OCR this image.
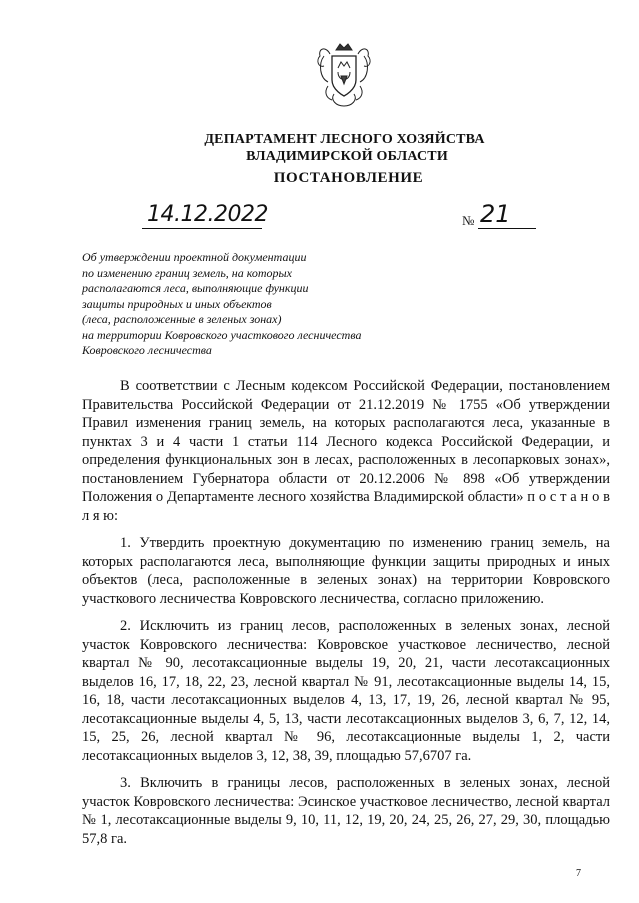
ДЕПАРТАМЕНТ ЛЕСНОГО ХОЗЯЙСТВА
ВЛАДИМИРСКОЙ ОБЛАСТИ
ПОСТАНОВЛЕНИЕ
14.12.2022	№ 21
Об утверждении проектной документации
по изменению границ земель, на которых
располагаются леса, выполняющие функции
защиты природных и иных объектов
(леса, расположенные в зеленых зонах)
на территории Ковровского участкового лесничества
Ковровского лесничества

В соответствии с Лесным кодексом Российской Федерации, постановлением Правительства Российской Федерации от 21.12.2019 № 1755 «Об утверждении Правил изменения границ земель, на которых располагаются леса, указанные в пунктах 3 и 4 части 1 статьи 114 Лесного кодекса Российской Федерации, и определения функциональных зон в лесах, расположенных в лесопарковых зонах», постановлением Губернатора области от 20.12.2006 № 898 «Об утверждении Положения о Департаменте лесного хозяйства Владимирской области» п о с т а н о в л я ю:

1. Утвердить проектную документацию по изменению границ земель, на которых располагаются леса, выполняющие функции защиты природных и иных объектов (леса, расположенные в зеленых зонах) на территории Ковровского участкового лесничества Ковровского лесничества, согласно приложению.

2. Исключить из границ лесов, расположенных в зеленых зонах, лесной участок Ковровского лесничества: Ковровское участковое лесничество, лесной квартал № 90, лесотаксационные выделы 19, 20, 21, части лесотаксационных выделов 16, 17, 18, 22, 23, лесной квартал № 91, лесотаксационные выделы 14, 15, 16, 18, части лесотаксационных выделов 4, 13, 17, 19, 26, лесной квартал № 95, лесотаксационные выделы 4, 5, 13, части лесотаксационных выделов 3, 6, 7, 12, 14, 15, 25, 26, лесной квартал № 96, лесотаксационные выделы 1, 2, части лесотаксационных выделов 3, 12, 38, 39, площадью 57,6707 га.

3. Включить в границы лесов, расположенных в зеленых зонах, лесной участок Ковровского лесничества: Эсинское участковое лесничество, лесной квартал № 1, лесотаксационные выделы 9, 10, 11, 12, 19, 20, 24, 25, 26, 27, 29, 30, площадью 57,8 га.

7
